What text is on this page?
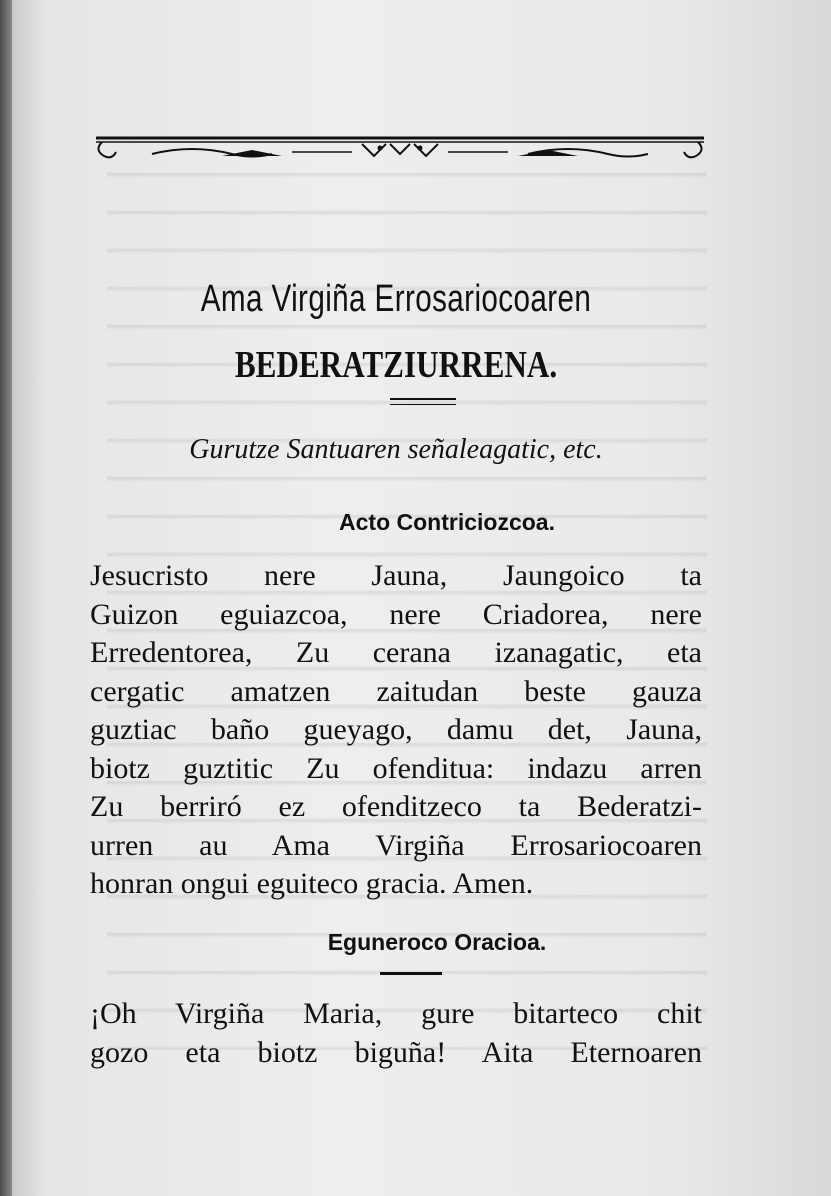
Ama Virgiña Errosariocoaren
BEDERATZIURRENA.
Gurutze Santuaren señaleagatic, etc.
Acto Contriciozcoa.
Jesucristo nere Jauna, Jaungoico ta
Guizon eguiazcoa, nere Criadorea, nere
Erredentorea, Zu cerana izanagatic, eta
cergatic amatzen zaitudan beste gauza
guztiac baño gueyago, damu det, Jauna,
biotz guztitic Zu ofenditua: indazu arren
Zu berriró ez ofenditzeco ta Bederatzi-
urren au Ama Virgiña Errosariocoaren
honran ongui eguiteco gracia. Amen.
Eguneroco Oracioa.
¡Oh Virgiña Maria, gure bitarteco chit
gozo eta biotz biguña! Aita Eternoaren
